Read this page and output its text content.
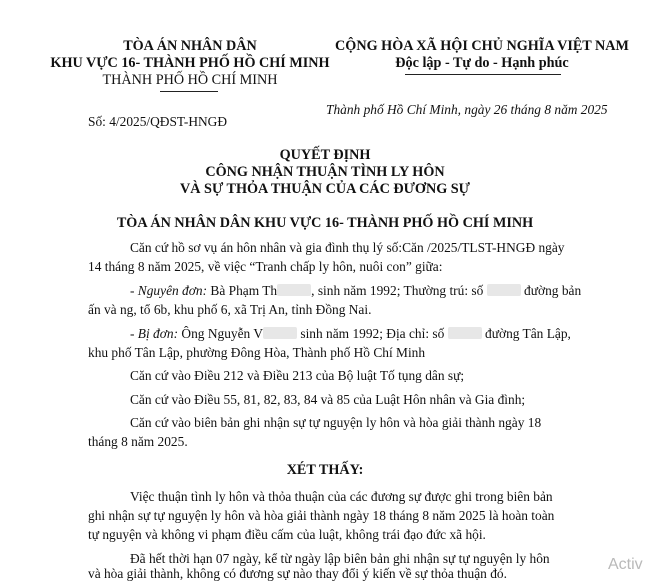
TÒA ÁN NHÂN DÂN
KHU VỰC 16- THÀNH PHỐ HỒ CHÍ MINH
THÀNH PHỐ HỒ CHÍ MINH
CỘNG HÒA XÃ HỘI CHỦ NGHĨA VIỆT NAM
Độc lập - Tự do - Hạnh phúc
Số: 4/2025/QĐST-HNGĐ
Thành phố Hồ Chí Minh, ngày 26 tháng 8 năm 2025
QUYẾT ĐỊNH
CÔNG NHẬN THUẬN TÌNH LY HÔN
VÀ SỰ THỎA THUẬN CỦA CÁC ĐƯƠNG SỰ
TÒA ÁN NHÂN DÂN KHU VỰC 16- THÀNH PHỐ HỒ CHÍ MINH
Căn cứ hồ sơ vụ án hôn nhân và gia đình thụ lý số:Căn /2025/TLST-HNGĐ ngày
14 tháng 8 năm 2025, về việc “Tranh chấp ly hôn, nuôi con” giữa:
- Nguyên đơn: Bà Phạm Th	, sinh năm 1992; Thường trú: số	đường bản
ấn và ng, tổ 6b, khu phố 6, xã Trị An, tỉnh Đồng Nai.
- Bị đơn: Ông Nguyễn V	sinh năm 1992; Địa chỉ: số	đường Tân Lập,
khu phố Tân Lập, phường Đông Hòa, Thành phố Hồ Chí Minh
Căn cứ vào Điều 212 và Điều 213 của Bộ luật Tố tụng dân sự;
Căn cứ vào Điều 55, 81, 82, 83, 84 và 85 của Luật Hôn nhân và Gia đình;
Căn cứ vào biên bản ghi nhận sự tự nguyện ly hôn và hòa giải thành ngày 18
tháng 8 năm 2025.
XÉT THẤY:
Việc thuận tình ly hôn và thỏa thuận của các đương sự được ghi trong biên bản
ghi nhận sự tự nguyện ly hôn và hòa giải thành ngày 18 tháng 8 năm 2025 là hoàn toàn
tự nguyện và không vi phạm điều cấm của luật, không trái đạo đức xã hội.
Đã hết thời hạn 07 ngày, kể từ ngày lập biên bản ghi nhận sự tự nguyện ly hôn
và hòa giải thành, không có đương sự nào thay đổi ý kiến về sự thỏa thuận đó.
Activ
